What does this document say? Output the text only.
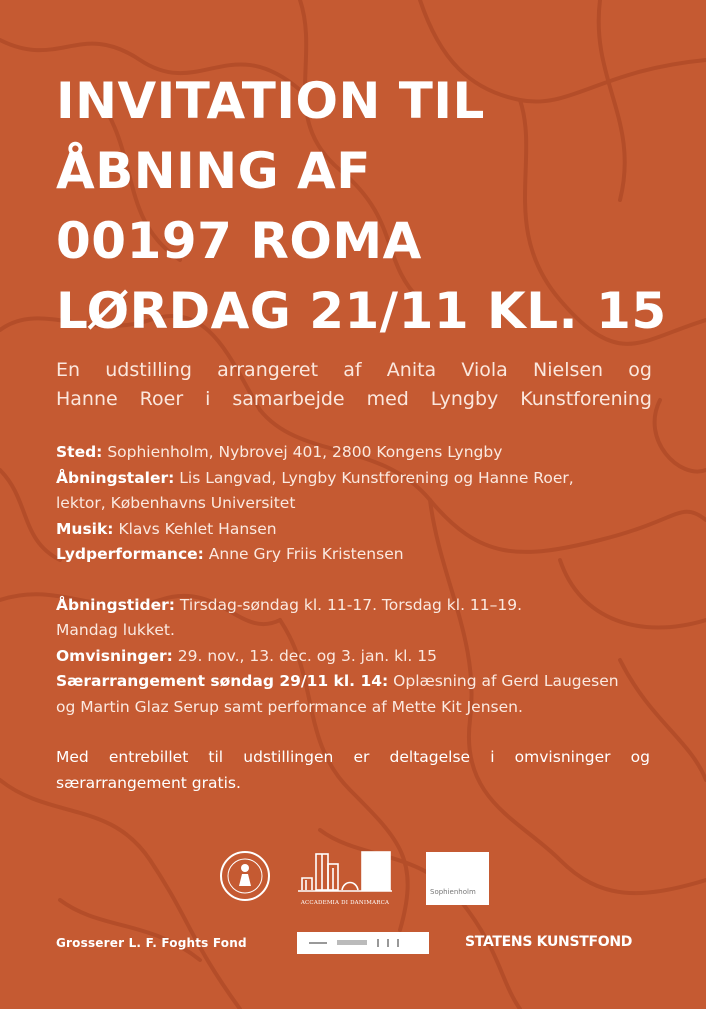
INVITATION TIL
ÅBNING AF
00197 ROMA
LØRDAG 21/11 KL. 15

En udstilling arrangeret af Anita Viola Nielsen og
Hanne Roer i samarbejde med Lyngby Kunstforening

Sted: Sophienholm, Nybrovej 401, 2800 Kongens Lyngby

Åbningstaler: Lis Langvad, Lyngby Kunstforening og Hanne Roer,

lektor, Københavns Universitet

Musik: Klavs Kehlet Hansen

Lydperformance: Anne Gry Friis Kristensen

Åbningstider: Tirsdag-søndag kl. 11-17. Torsdag kl. 11–19.

Mandag lukket.

Omvisninger: 29. nov., 13. dec. og 3. jan. kl. 15

Særarrangement søndag 29/11 kl. 14: Oplæsning af Gerd Laugesen

og Martin Glaz Serup samt performance af Mette Kit Jensen.

Med entrebillet til udstillingen er deltagelse i omvisninger og særarrangement gratis.

ACCADEMIA DI DANIMARCA
Sophienholm
Grosserer L. F. Foghts Fond	STATENS KUNSTFOND
